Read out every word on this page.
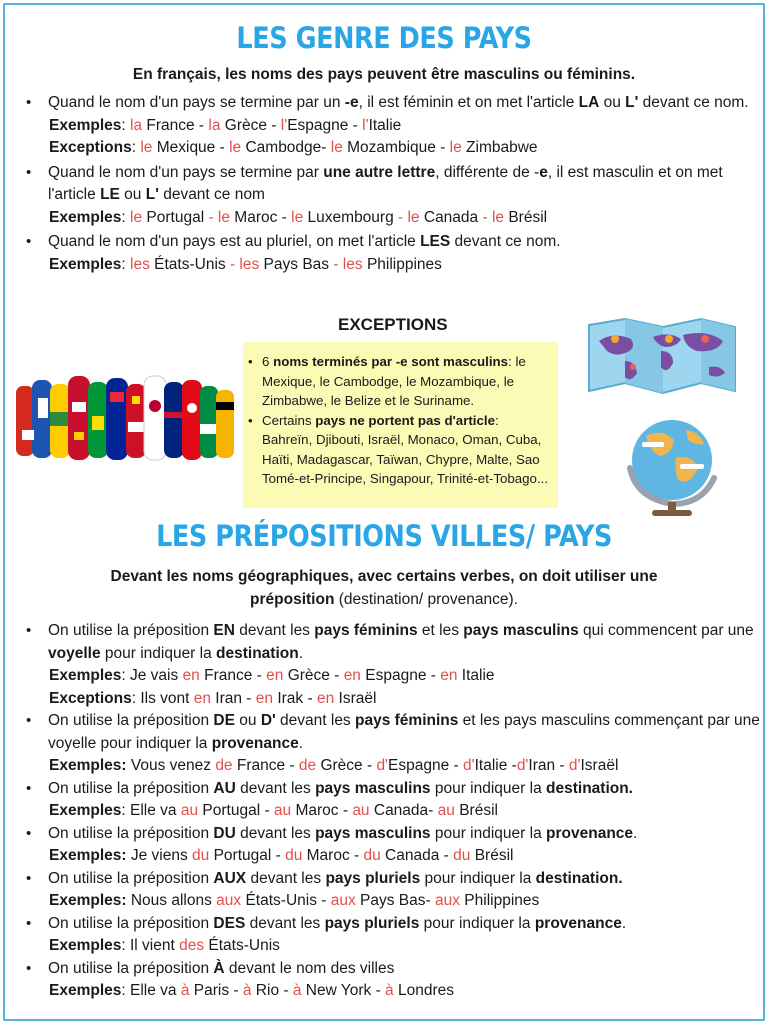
LES GENRE DES PAYS
En français, les noms des pays peuvent être masculins ou féminins.
• Quand le nom d'un pays se termine par un -e, il est féminin et on met l'article LA ou L' devant ce nom.
Exemples: la France - la Grèce - l'Espagne - l'Italie
Exceptions: le Mexique - le Cambodge- le Mozambique - le Zimbabwe
• Quand le nom d'un pays se termine par une autre lettre, différente de -e, il est masculin et on met l'article LE ou L' devant ce nom
Exemples: le Portugal - le Maroc - le Luxembourg - le Canada - le Brésil
• Quand le nom d'un pays est au pluriel, on met l'article LES devant ce nom.
Exemples: les États-Unis - les Pays Bas - les Philippines
EXCEPTIONS
• 6 noms terminés par -e sont masculins: le Mexique, le Cambodge, le Mozambique, le Zimbabwe, le Belize et le Suriname.
• Certains pays ne portent pas d'article: Bahreïn, Djibouti, Israël, Monaco, Oman, Cuba, Haïti, Madagascar, Taïwan, Chypre, Malte, Sao Tomé-et-Principe, Singapour, Trinité-et-Tobago...
LES PRÉPOSITIONS VILLES/ PAYS
Devant les noms géographiques, avec certains verbes, on doit utiliser une
préposition (destination/ provenance).
• On utilise la préposition EN devant les pays féminins et les pays masculins qui commencent par une voyelle pour indiquer la destination.
Exemples: Je vais en France - en Grèce - en Espagne - en Italie
Exceptions: Ils vont en Iran - en Irak - en Israël
• On utilise la préposition DE ou D' devant les pays féminins et les pays masculins commençant par une voyelle pour indiquer la provenance.
Exemples: Vous venez de France - de Grèce - d'Espagne - d'Italie -d'Iran - d'Israël
• On utilise la préposition AU devant les pays masculins pour indiquer la destination.
Exemples: Elle va au Portugal - au Maroc - au Canada- au Brésil
• On utilise la préposition DU devant les pays masculins pour indiquer la provenance.
Exemples: Je viens du Portugal - du Maroc - du Canada - du Brésil
• On utilise la préposition AUX devant les pays pluriels pour indiquer la destination.
Exemples: Nous allons aux États-Unis - aux Pays Bas- aux Philippines
• On utilise la préposition DES devant les pays pluriels pour indiquer la provenance.
Exemples: Il vient des États-Unis
• On utilise la préposition À devant le nom des villes
Exemples: Elle va à Paris - à Rio - à New York - à Londres
